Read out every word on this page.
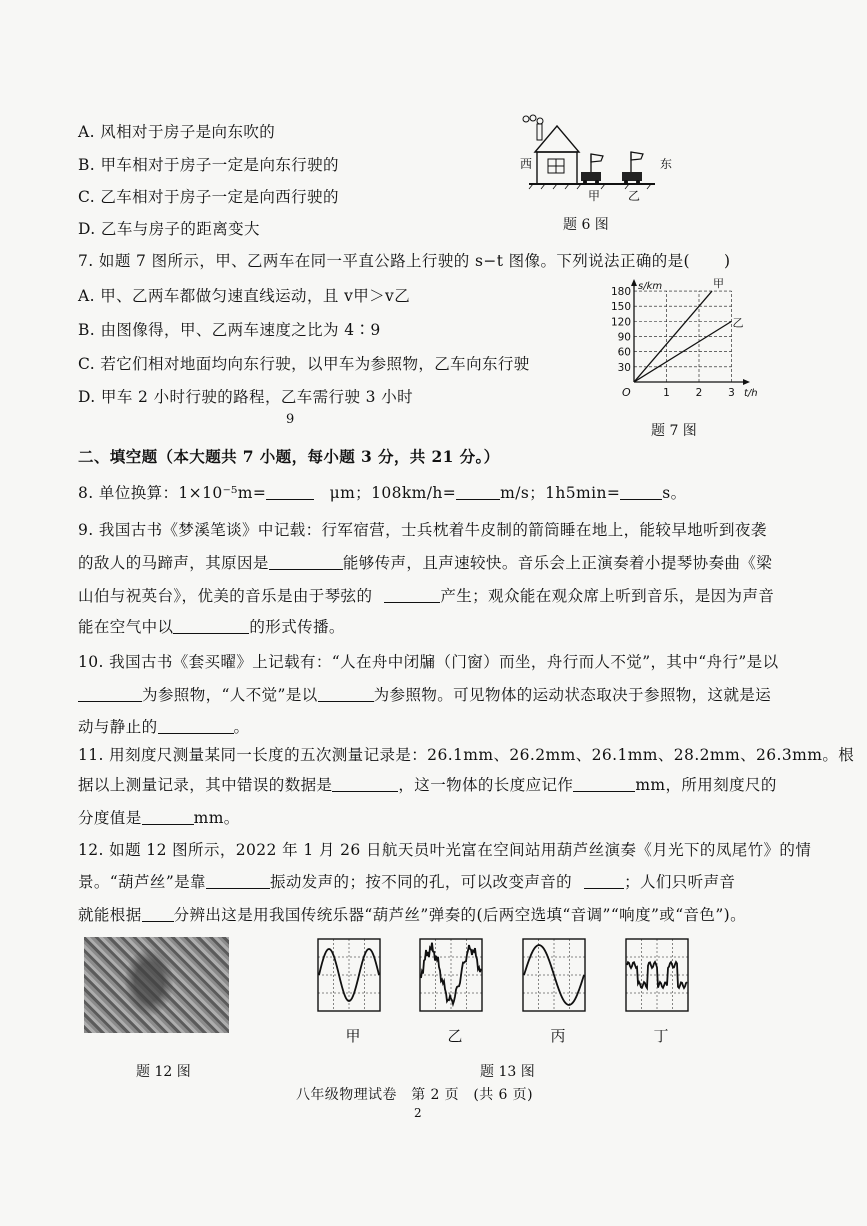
A. 风相对于房子是向东吹的
B. 甲车相对于房子一定是向东行驶的
C. 乙车相对于房子一定是向西行驶的
D. 乙车与房子的距离变大
西	东
甲 乙
题 6 图
7. 如题 7 图所示，甲、乙两车在同一平直公路上行驶的 s−t 图像。下列说法正确的是( )
A. 甲、乙两车都做匀速直线运动，且 v甲＞v乙
B. 由图像得，甲、乙两车速度之比为 4∶9
C. 若它们相对地面均向东行驶，以甲车为参照物，乙车向东行驶
D. 甲车 2 小时行驶的路程，乙车需行驶 3 小时
9
甲
乙
30
60
90
120
150
180
1 2 3
O
s/km
t/h
题 7 图
二、填空题（本大题共 7 小题，每小题 3 分，共 21 分。）
8. 单位换算：1×10⁻⁵m=	μm；108km/h=	m/s；1h5min=	s。
9. 我国古书《梦溪笔谈》中记载：行军宿营，士兵枕着牛皮制的箭筒睡在地上，能较早地听到夜袭
的敌人的马蹄声，其原因是	能够传声，且声速较快。音乐会上正演奏着小提琴协奏曲《梁
山伯与祝英台》，优美的音乐是由于琴弦的	产生；观众能在观众席上听到音乐，是因为声音
能在空气中以	的形式传播。
10. 我国古书《套买曜》上记载有：“人在舟中闭牖（门窗）而坐，舟行而人不觉”，其中“舟行”是以
为参照物，“人不觉”是以	为参照物。可见物体的运动状态取决于参照物，这就是运
动与静止的	。
11. 用刻度尺测量某同一长度的五次测量记录是：26.1mm、26.2mm、26.1mm、28.2mm、26.3mm。根
据以上测量记录，其中错误的数据是	，这一物体的长度应记作	mm，所用刻度尺的
分度值是	mm。
12. 如题 12 图所示，2022 年 1 月 26 日航天员叶光富在空间站用葫芦丝演奏《月光下的凤尾竹》的情
景。“葫芦丝”是靠	振动发声的；按不同的孔，可以改变声音的	；人们只听声音
就能根据 分辨出这是用我国传统乐器“葫芦丝”弹奏的(后两空选填“音调”“响度”或“音色”)。
题 12 图
甲	乙	丙	丁
题 13 图
八年级物理试卷　第 2 页　(共 6 页)
2
